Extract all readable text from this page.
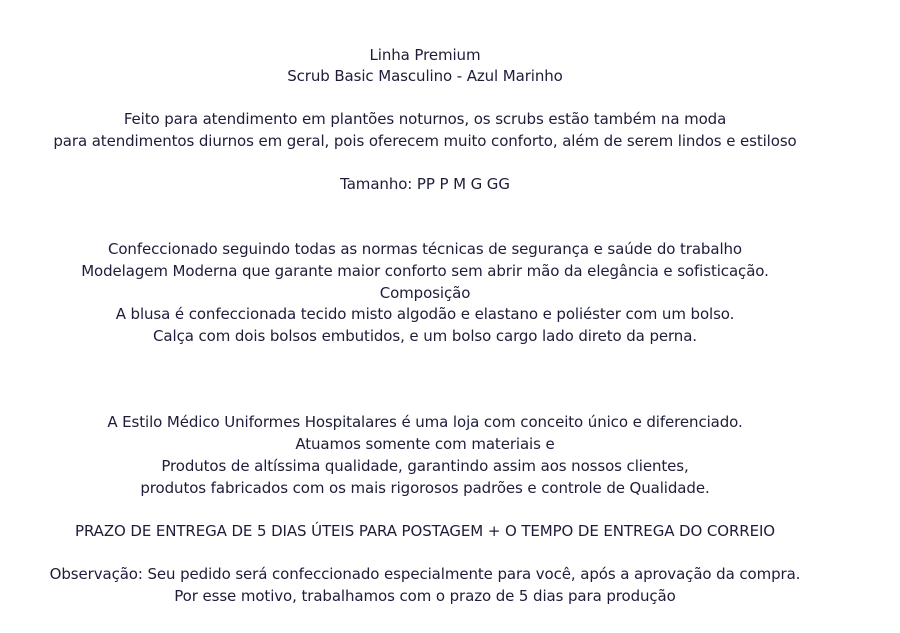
Linha Premium
Scrub Basic Masculino - Azul Marinho
Feito para atendimento em plantões noturnos, os scrubs estão também na moda
para atendimentos diurnos em geral, pois oferecem muito conforto, além de serem lindos e estiloso
Tamanho: PP P M G GG
Confeccionado seguindo todas as normas técnicas de segurança e saúde do trabalho
Modelagem Moderna que garante maior conforto sem abrir mão da elegância e sofisticação.
Composição
A blusa é confeccionada tecido misto algodão e elastano e poliéster com um bolso.
Calça com dois bolsos embutidos, e um bolso cargo lado direto da perna.
A Estilo Médico Uniformes Hospitalares é uma loja com conceito único e diferenciado.
Atuamos somente com materiais e
Produtos de altíssima qualidade, garantindo assim aos nossos clientes,
produtos fabricados com os mais rigorosos padrões e controle de Qualidade.
PRAZO DE ENTREGA DE 5 DIAS ÚTEIS PARA POSTAGEM + O TEMPO DE ENTREGA DO CORREIO
Observação: Seu pedido será confeccionado especialmente para você, após a aprovação da compra.
Por esse motivo, trabalhamos com o prazo de 5 dias para produção
